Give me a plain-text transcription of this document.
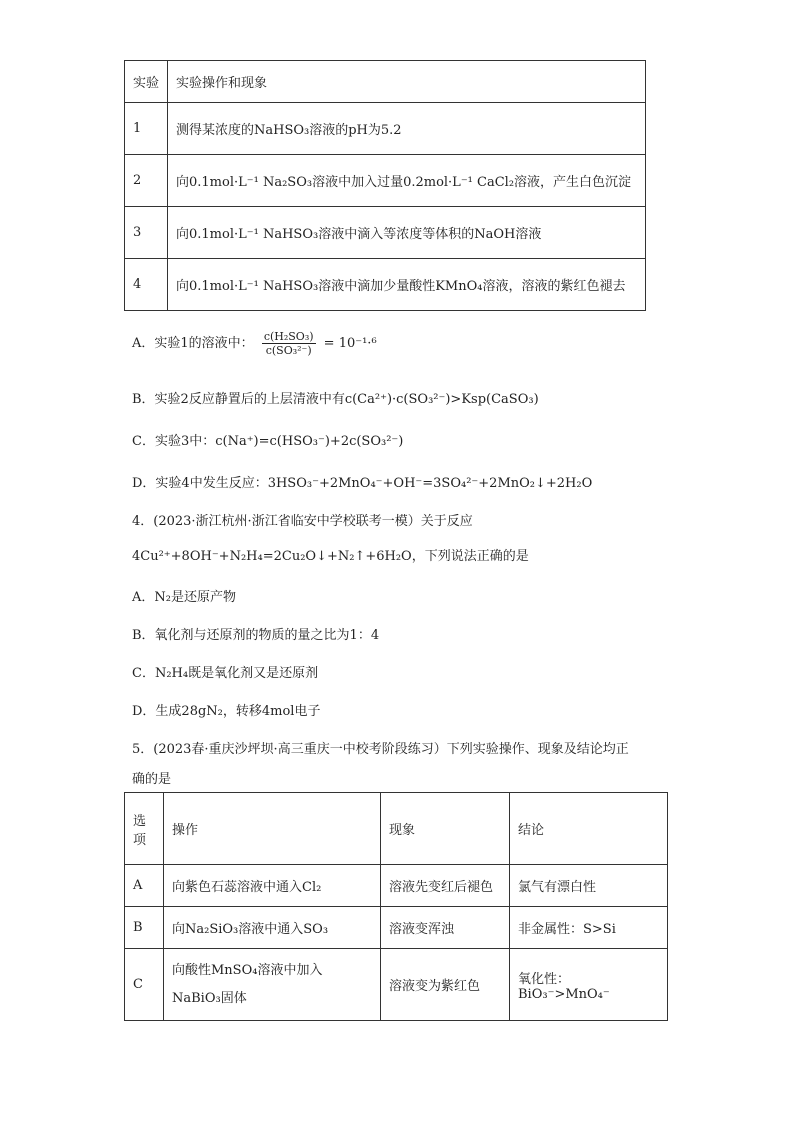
实验	实验操作和现象
1	测得某浓度的NaHSO₃溶液的pH为5.2
2	向0.1mol·L⁻¹ Na₂SO₃溶液中加入过量0.2mol·L⁻¹ CaCl₂溶液，产生白色沉淀
3	向0.1mol·L⁻¹ NaHSO₃溶液中滴入等浓度等体积的NaOH溶液
4	向0.1mol·L⁻¹ NaHSO₃溶液中滴加少量酸性KMnO₄溶液，溶液的紫红色褪去
A．实验1的溶液中： $\frac{\text{c(H₂SO₃)}}{\text{c(SO₃²⁻)}} = 10^{-1}\cdot^6$
B．实验2反应静置后的上层清液中有c(Ca²⁺)·c(SO₃²⁻)>Ksp(CaSO₃)
C．实验3中：c(Na⁺)=c(HSO₃⁻)+2c(SO₃²⁻)
D．实验4中发生反应：3HSO₃⁻+2MnO₄⁻+OH⁻=3SO₄²⁻+2MnO₂↓+2H₂O
4．(2023·浙江杭州·浙江省临安中学校联考一模）关于反应
4Cu²⁺+8OH⁻+N₂H₄=2Cu₂O↓+N₂↑+6H₂O，下列说法正确的是
A．N₂是还原产物
B．氧化剂与还原剂的物质的量之比为1：4
C．N₂H₄既是氧化剂又是还原剂
D．生成28gN₂，转移4mol电子
5．(2023春·重庆沙坪坝·高三重庆一中校考阶段练习）下列实验操作、现象及结论均正
确的是
选
项	操作	现象	结论
A	向紫色石蕊溶液中通入Cl₂	溶液先变红后褪色	氯气有漂白性
B	向Na₂SiO₃溶液中通入SO₃	溶液变浑浊	非金属性：S>Si
C	向酸性MnSO₄溶液中加入
NaBiO₃固体	溶液变为紫红色	氧化性：BiO₃⁻>MnO₄⁻
